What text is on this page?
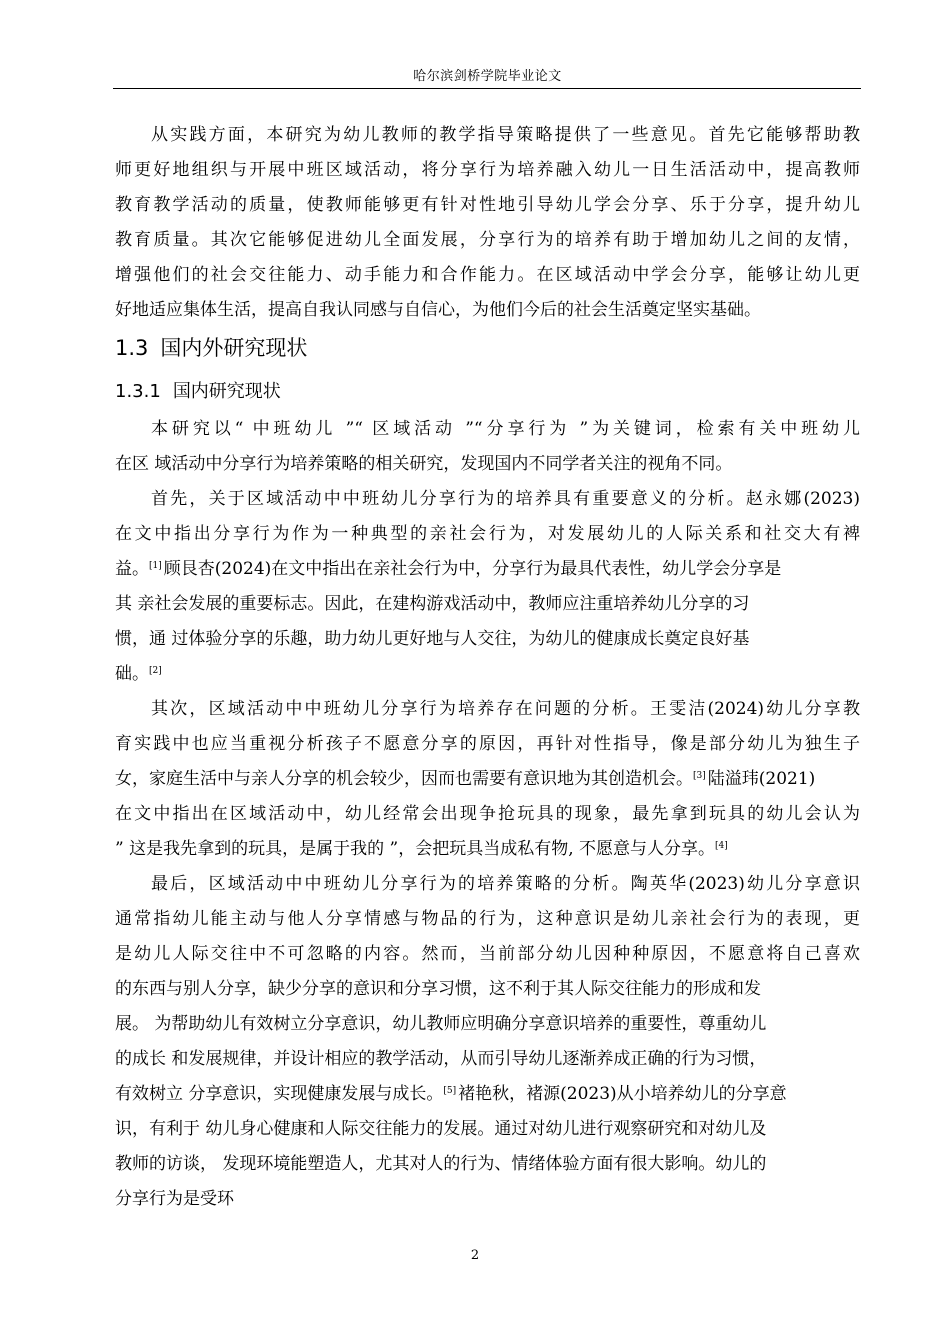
哈尔滨剑桥学院毕业论文
从实践方面，本研究为幼儿教师的教学指导策略提供了一些意见。首先它能够帮助教
师更好地组织与开展中班区域活动，将分享行为培养融入幼儿一日生活活动中，提高教师
教育教学活动的质量，使教师能够更有针对性地引导幼儿学会分享、乐于分享，提升幼儿
教育质量。其次它能够促进幼儿全面发展，分享行为的培养有助于增加幼儿之间的友情，
增强他们的社会交往能力、动手能力和合作能力。在区域活动中学会分享，能够让幼儿更
好地适应集体生活，提高自我认同感与自信心，为他们今后的社会生活奠定坚实基础。
1.3 国内外研究现状
1.3.1 国内研究现状
本研究以“ 中班幼儿 ”“ 区域活动 ”“分享行为 ”为关键词，检索有关中班幼儿
在区 域活动中分享行为培养策略的相关研究，发现国内不同学者关注的视角不同。
首先，关于区域活动中中班幼儿分享行为的培养具有重要意义的分析。赵永娜(2023)
在文中指出分享行为作为一种典型的亲社会行为，对发展幼儿的人际关系和社交大有裨
益。[1] 顾艮杏(2024)在文中指出在亲社会行为中，分享行为最具代表性，幼儿学会分享是
其 亲社会发展的重要标志。因此，在建构游戏活动中，教师应注重培养幼儿分享的习
惯，通 过体验分享的乐趣，助力幼儿更好地与人交往，为幼儿的健康成长奠定良好基
础。[2]
其次，区域活动中中班幼儿分享行为培养存在问题的分析。王雯洁(2024)幼儿分享教
育实践中也应当重视分析孩子不愿意分享的原因，再针对性指导，像是部分幼儿为独生子
女，家庭生活中与亲人分享的机会较少，因而也需要有意识地为其创造机会。[3] 陆溢玮(2021)
在文中指出在区域活动中，幼儿经常会出现争抢玩具的现象，最先拿到玩具的幼儿会认为
” 这是我先拿到的玩具，是属于我的 ”，会把玩具当成私有物, 不愿意与人分享。[4]
最后，区域活动中中班幼儿分享行为的培养策略的分析。陶英华(2023)幼儿分享意识
通常指幼儿能主动与他人分享情感与物品的行为，这种意识是幼儿亲社会行为的表现，更
是幼儿人际交往中不可忽略的内容。然而，当前部分幼儿因种种原因，不愿意将自己喜欢
的东西与别人分享，缺少分享的意识和分享习惯，这不利于其人际交往能力的形成和发
展。 为帮助幼儿有效树立分享意识，幼儿教师应明确分享意识培养的重要性，尊重幼儿
的成长 和发展规律，并设计相应的教学活动，从而引导幼儿逐渐养成正确的行为习惯，
有效树立 分享意识，实现健康发展与成长。[5] 褚艳秋，褚源(2023)从小培养幼儿的分享意
识，有利于 幼儿身心健康和人际交往能力的发展。通过对幼儿进行观察研究和对幼儿及
教师的访谈， 发现环境能塑造人，尤其对人的行为、情绪体验方面有很大影响。幼儿的
分享行为是受环
2
